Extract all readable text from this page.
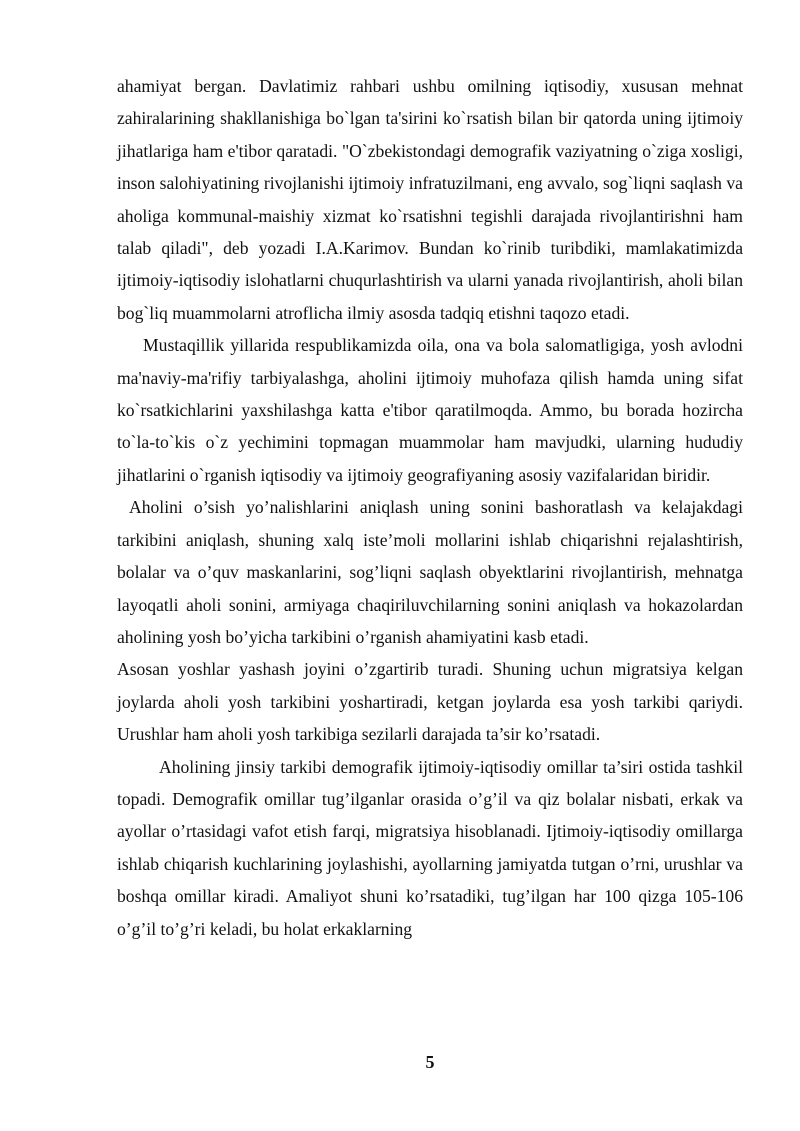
ahamiyat bergan. Davlatimiz rahbari ushbu omilning iqtisodiy, xususan mehnat zahiralarining shakllanishiga bo`lgan ta'sirini ko`rsatish bilan bir qatorda uning ijtimoiy jihatlariga ham e'tibor qaratadi. "O`zbekistondagi demografik vaziyatning o`ziga xosligi, inson salohiyatining rivojlanishi ijtimoiy infratuzilmani, eng avvalo, sog`liqni saqlash va aholiga kommunal-maishiy xizmat ko`rsatishni tegishli darajada rivojlantirishni ham talab qiladi", deb yozadi I.A.Karimov. Bundan ko`rinib turibdiki, mamlakatimizda ijtimoiy-iqtisodiy islohatlarni chuqurlashtirish va ularni yanada rivojlantirish, aholi bilan bog`liq muammolarni atroflicha ilmiy asosda tadqiq etishni taqozo etadi.

Mustaqillik yillarida respublikamizda oila, ona va bola salomatligiga, yosh avlodni ma'naviy-ma'rifiy tarbiyalashga, aholini ijtimoiy muhofaza qilish hamda uning sifat ko`rsatkichlarini yaxshilashga katta e'tibor qaratilmoqda. Ammo, bu borada hozircha to`la-to`kis o`z yechimini topmagan muammolar ham mavjudki, ularning hududiy jihatlarini o`rganish iqtisodiy va ijtimoiy geografiyaning asosiy vazifalaridan biridir.

Aholini o’sish yo’nalishlarini aniqlash uning sonini bashoratlash va kelajakdagi tarkibini aniqlash, shuning xalq iste’moli mollarini ishlab chiqarishni rejalashtirish, bolalar va o’quv maskanlarini, sog’liqni saqlash obyektlarini rivojlantirish, mehnatga layoqatli aholi sonini, armiyaga chaqiriluvchilarning sonini aniqlash va hokazolardan aholining yosh bo’yicha tarkibini o’rganish ahamiyatini kasb etadi.

Asosan yoshlar yashash joyini o’zgartirib turadi. Shuning uchun migratsiya kelgan joylarda aholi yosh tarkibini yoshartiradi, ketgan joylarda esa yosh tarkibi qariydi. Urushlar ham aholi yosh tarkibiga sezilarli darajada ta’sir ko’rsatadi.

Aholining jinsiy tarkibi demografik ijtimoiy-iqtisodiy omillar ta’siri ostida tashkil topadi. Demografik omillar tug’ilganlar orasida o’g’il va qiz bolalar nisbati, erkak va ayollar o’rtasidagi vafot etish farqi, migratsiya hisoblanadi. Ijtimoiy-iqtisodiy omillarga ishlab chiqarish kuchlarining joylashishi, ayollarning jamiyatda tutgan o’rni, urushlar va boshqa omillar kiradi. Amaliyot shuni ko’rsatadiki, tug’ilgan har 100 qizga 105-106 o’g’il to’g’ri keladi, bu holat erkaklarning

5
